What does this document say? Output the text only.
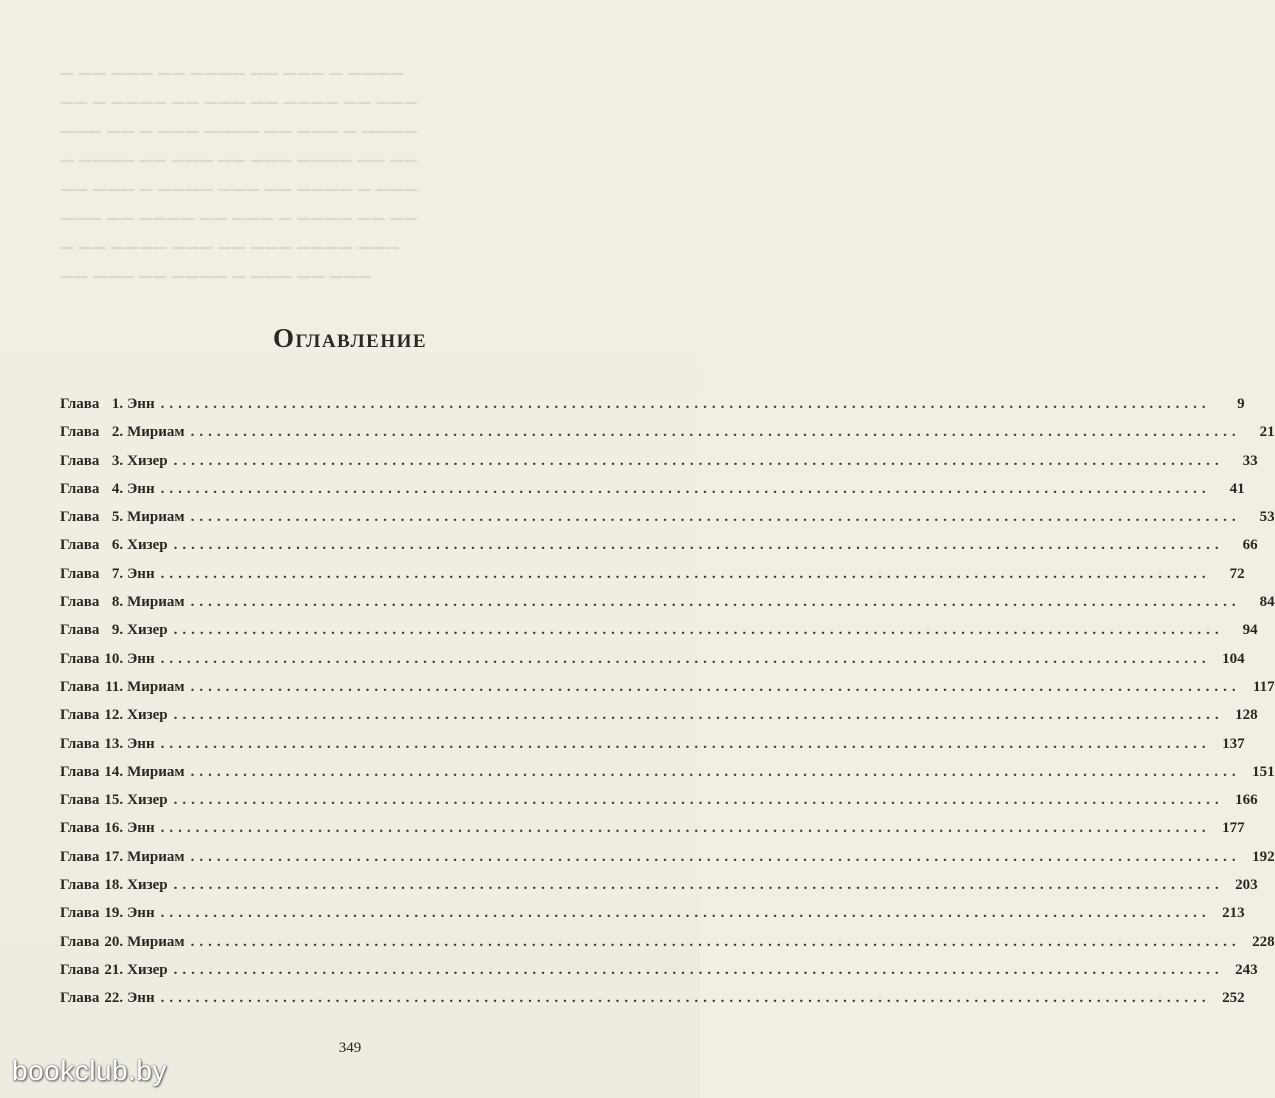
— —— ——— —— ———— —— ——— — ————
—— — ———— —— ——— —— ———— —— ———
——— —— — ——— ———— —— ——— — ————
— ———— —— ——— —— ——— ———— —— ——
—— ——— — ———— ——— —— ———— — ———
——— —— ———— —— ——— — ———— —— ——
— —— ———— ——— —— ——— ———— ———
—— ——— —— ———— — ——— —— ———
Оглавление
Глава 1. Энн ........................................................................................................................	9
Глава 2. Мириам ........................................................................................................................	21
Глава 3. Хизер ........................................................................................................................	33
Глава 4. Энн ........................................................................................................................	41
Глава 5. Мириам ........................................................................................................................	53
Глава 6. Хизер ........................................................................................................................	66
Глава 7. Энн ........................................................................................................................	72
Глава 8. Мириам ........................................................................................................................	84
Глава 9. Хизер ........................................................................................................................	94
Глава 10. Энн ........................................................................................................................ 104
Глава 11. Мириам ........................................................................................................................ 117
Глава 12. Хизер ........................................................................................................................ 128
Глава 13. Энн ........................................................................................................................ 137
Глава 14. Мириам ........................................................................................................................ 151
Глава 15. Хизер ........................................................................................................................ 166
Глава 16. Энн ........................................................................................................................ 177
Глава 17. Мириам ........................................................................................................................ 192
Глава 18. Хизер ........................................................................................................................ 203
Глава 19. Энн ........................................................................................................................ 213
Глава 20. Мириам ........................................................................................................................ 228
Глава 21. Хизер ........................................................................................................................ 243
Глава 22. Энн ........................................................................................................................ 252
349
bookclub.by
